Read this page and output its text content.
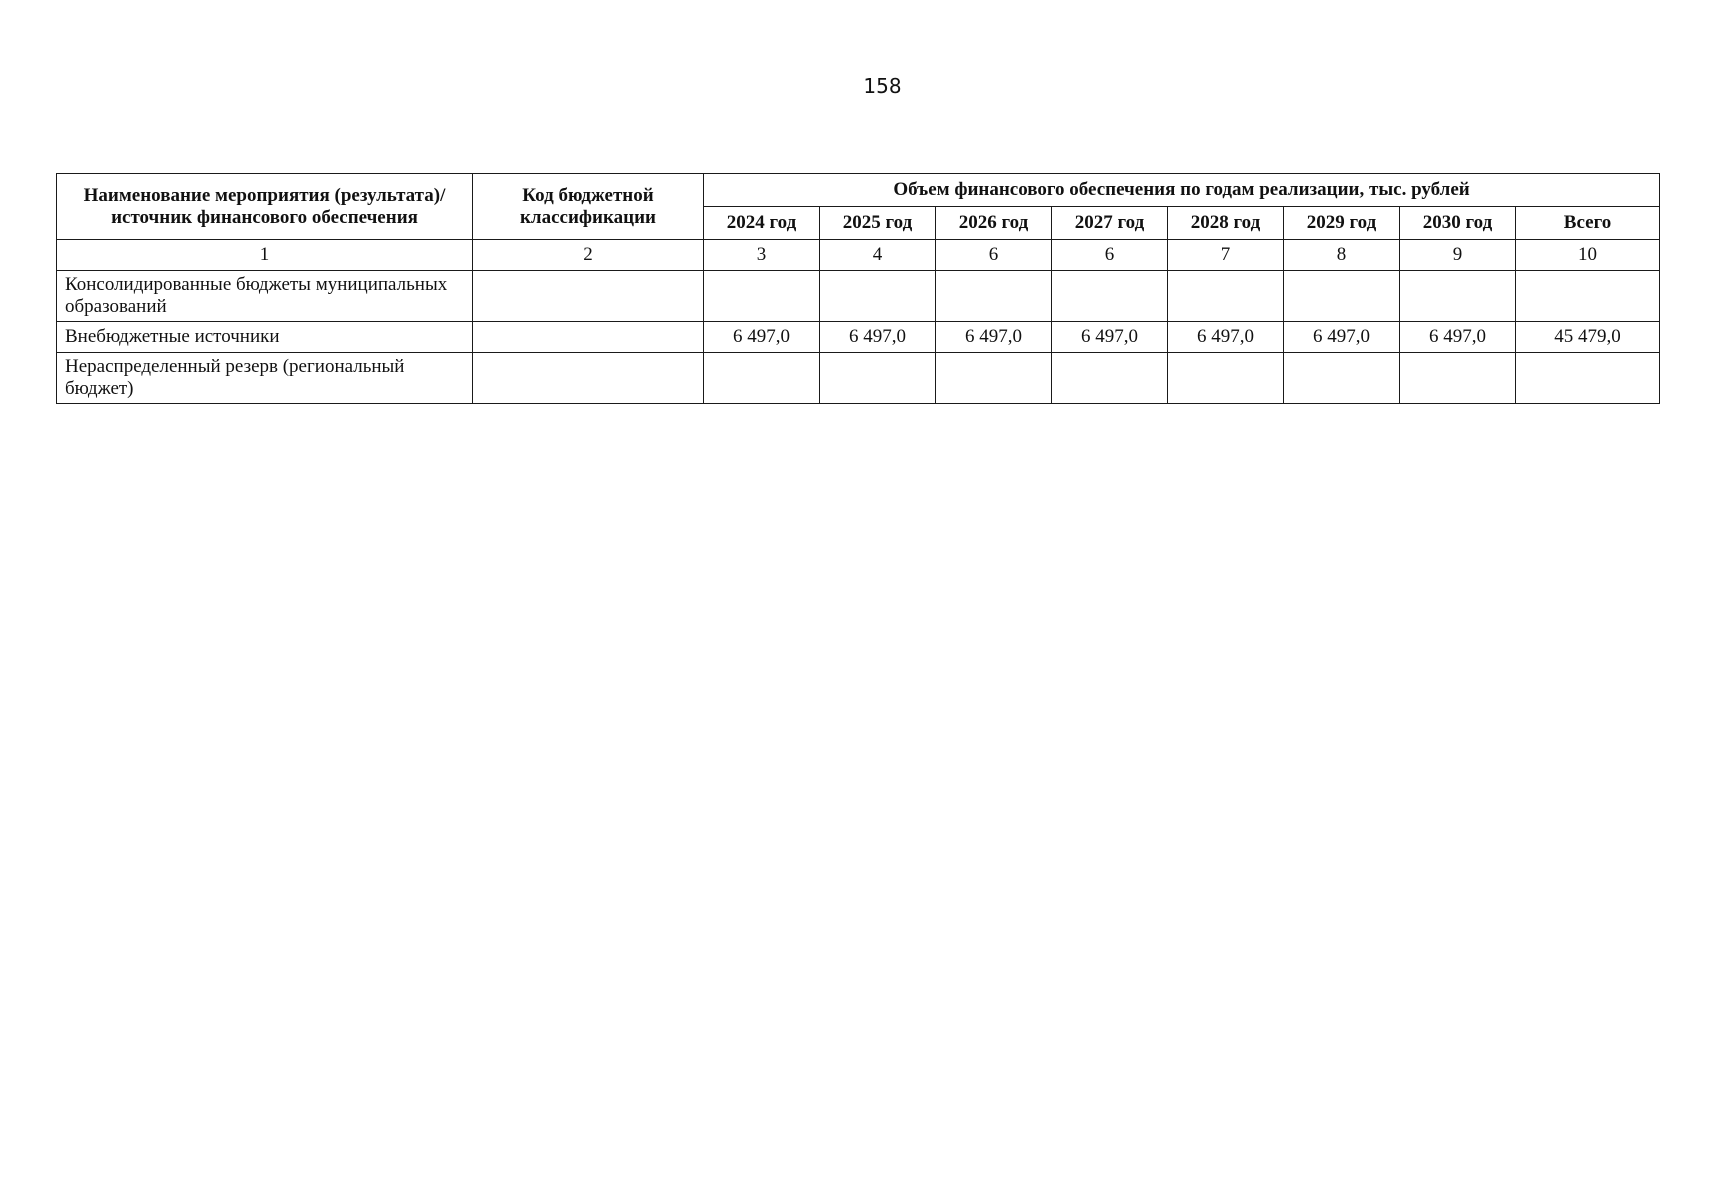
158
Наименование мероприятия (результата)/ источник финансового обеспечения	Код бюджетной классификации	Объем финансового обеспечения по годам реализации, тыс. рублей							
		2024 год	2025 год	2026 год	2027 год	2028 год	2029 год	2030 год	Всего
1	2	3	4	6	6	7	8	9	10
Консолидированные бюджеты муниципальных образований									
Внебюджетные источники		6 497,0	6 497,0	6 497,0	6 497,0	6 497,0	6 497,0	6 497,0	45 479,0
Нераспределенный резерв (региональный бюджет)									
